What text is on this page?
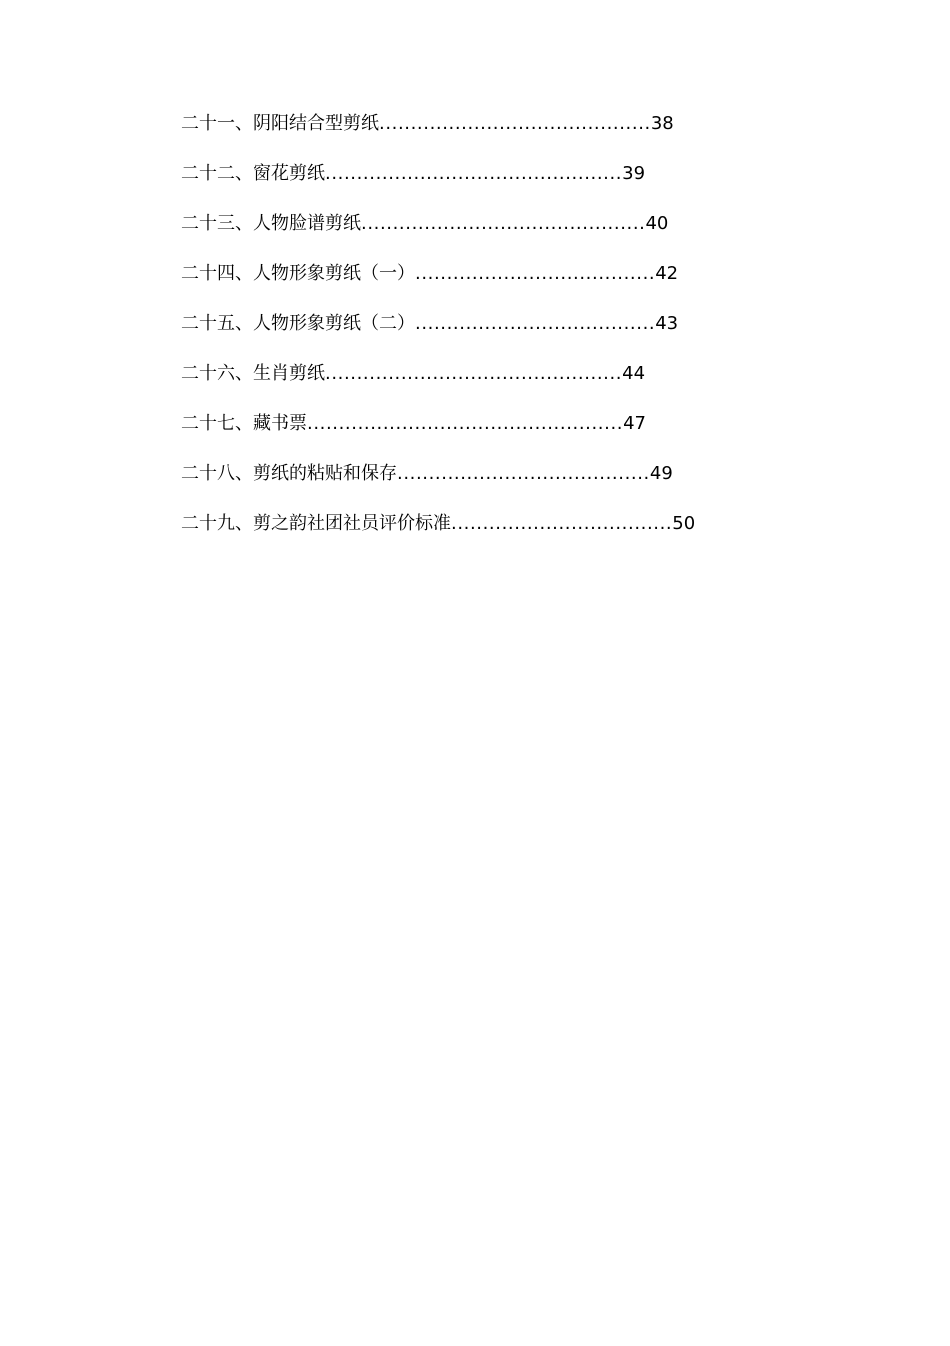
二十一、阴阳结合型剪纸 ........................................... 38
二十二、窗花剪纸 ............................................... 39
二十三、人物脸谱剪纸 ............................................. 40
二十四、人物形象剪纸（一） ...................................... 42
二十五、人物形象剪纸（二） ...................................... 43
二十六、生肖剪纸 ............................................... 44
二十七、藏书票 .................................................. 47
二十八、剪纸的粘贴和保存 ........................................ 49
二十九、剪之韵社团社员评价标准 ................................... 50
